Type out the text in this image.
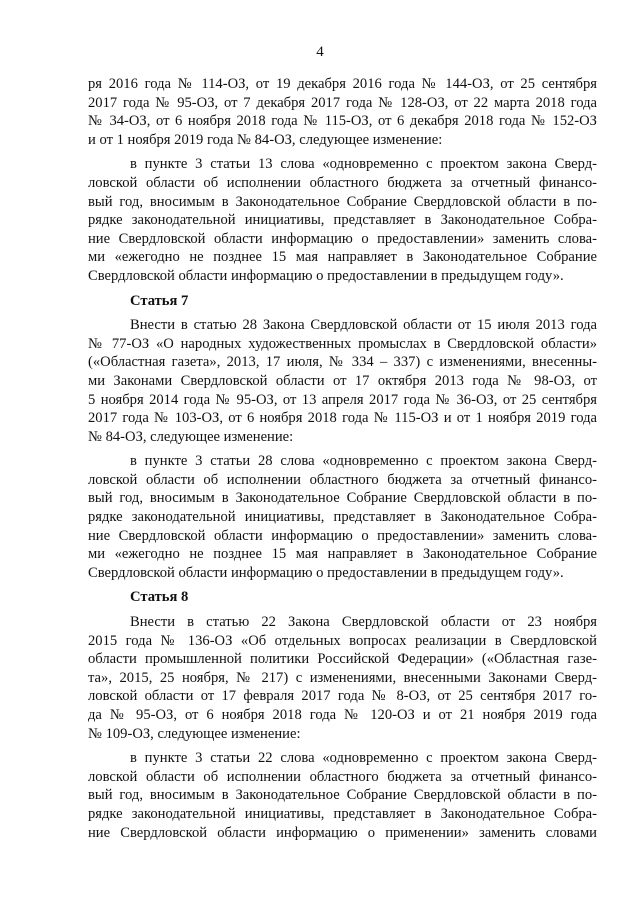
4
ря 2016 года № 114-ОЗ, от 19 декабря 2016 года № 144-ОЗ, от 25 сентября
2017 года № 95-ОЗ, от 7 декабря 2017 года № 128-ОЗ, от 22 марта 2018 года
№ 34-ОЗ, от 6 ноября 2018 года № 115-ОЗ, от 6 декабря 2018 года № 152-ОЗ
и от 1 ноября 2019 года № 84-ОЗ, следующее изменение:
в пункте 3 статьи 13 слова «одновременно с проектом закона Сверд-
ловской области об исполнении областного бюджета за отчетный финансо-
вый год, вносимым в Законодательное Собрание Свердловской области в по-
рядке законодательной инициативы, представляет в Законодательное Собра-
ние Свердловской области информацию о предоставлении» заменить слова-
ми «ежегодно не позднее 15 мая направляет в Законодательное Собрание
Свердловской области информацию о предоставлении в предыдущем году».
Статья 7
Внести в статью 28 Закона Свердловской области от 15 июля 2013 года
№ 77-ОЗ «О народных художественных промыслах в Свердловской области»
(«Областная газета», 2013, 17 июля, № 334 – 337) с изменениями, внесенны-
ми Законами Свердловской области от 17 октября 2013 года № 98-ОЗ, от
5 ноября 2014 года № 95-ОЗ, от 13 апреля 2017 года № 36-ОЗ, от 25 сентября
2017 года № 103-ОЗ, от 6 ноября 2018 года № 115-ОЗ и от 1 ноября 2019 года
№ 84-ОЗ, следующее изменение:
в пункте 3 статьи 28 слова «одновременно с проектом закона Сверд-
ловской области об исполнении областного бюджета за отчетный финансо-
вый год, вносимым в Законодательное Собрание Свердловской области в по-
рядке законодательной инициативы, представляет в Законодательное Собра-
ние Свердловской области информацию о предоставлении» заменить слова-
ми «ежегодно не позднее 15 мая направляет в Законодательное Собрание
Свердловской области информацию о предоставлении в предыдущем году».
Статья 8
Внести в статью 22 Закона Свердловской области от 23 ноября
2015 года № 136-ОЗ «Об отдельных вопросах реализации в Свердловской
области промышленной политики Российской Федерации» («Областная газе-
та», 2015, 25 ноября, № 217) с изменениями, внесенными Законами Сверд-
ловской области от 17 февраля 2017 года № 8-ОЗ, от 25 сентября 2017 го-
да № 95-ОЗ, от 6 ноября 2018 года № 120-ОЗ и от 21 ноября 2019 года
№ 109-ОЗ, следующее изменение:
в пункте 3 статьи 22 слова «одновременно с проектом закона Сверд-
ловской области об исполнении областного бюджета за отчетный финансо-
вый год, вносимым в Законодательное Собрание Свердловской области в по-
рядке законодательной инициативы, представляет в Законодательное Собра-
ние Свердловской области информацию о применении» заменить словами
